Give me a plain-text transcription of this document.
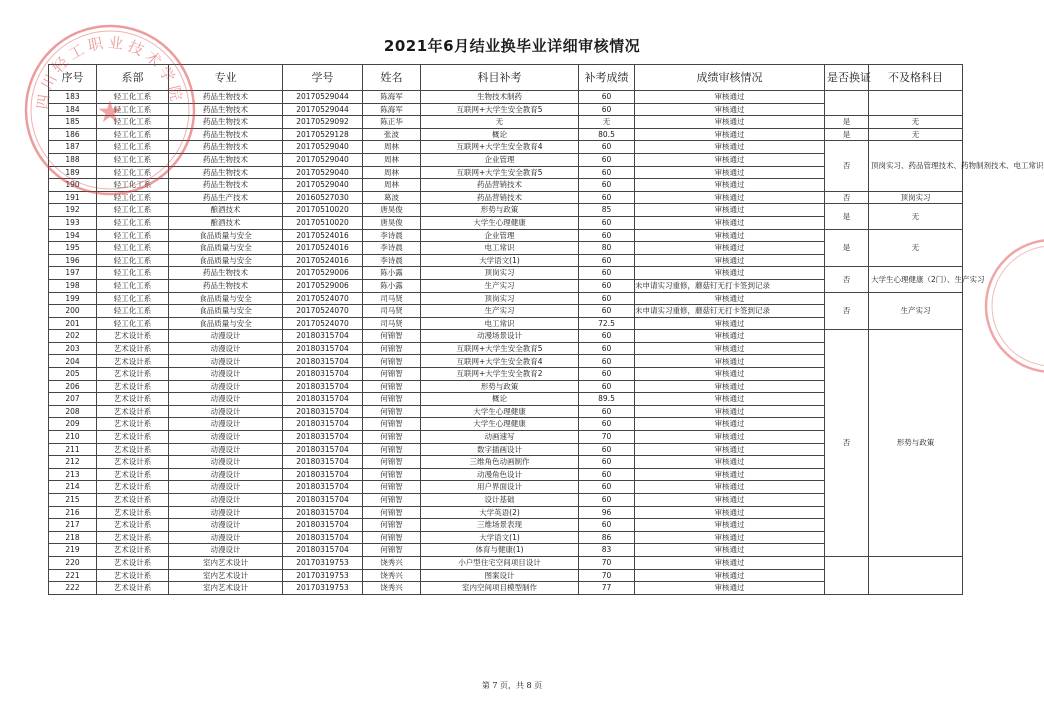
2021年6月结业换毕业详细审核情况
序号	系部	专业	学号	姓名	科目补考	补考成绩	成绩审核情况	是否换证	不及格科目
183	轻工化工系	药品生物技术	20170529044	陈海军	生物技术制药	60	审核通过		
184	轻工化工系	药品生物技术	20170529044	陈海军	互联网+大学生安全教育5	60	审核通过		
185	轻工化工系	药品生物技术	20170529092	陈正华	无	无	审核通过	是	无
186	轻工化工系	药品生物技术	20170529128	张波	概论	80.5	审核通过	是	无
187	轻工化工系	药品生物技术	20170529040	周林	互联网+大学生安全教育4	60	审核通过	否	顶岗实习、药品管理技术、药物制剂技术、电工常识
188	轻工化工系	药品生物技术	20170529040	周林	企业管理	60	审核通过		
189	轻工化工系	药品生物技术	20170529040	周林	互联网+大学生安全教育5	60	审核通过		
190	轻工化工系	药品生物技术	20170529040	周林	药品营销技术	60	审核通过		
191	轻工化工系	药品生产技术	20160527030	葛波	药品营销技术	60	审核通过	否	顶岗实习
192	轻工化工系	酿酒技术	20170510020	唐昊俊	形势与政策	85	审核通过	是	无
193	轻工化工系	酿酒技术	20170510020	唐昊俊	大学生心理健康	60	审核通过		
194	轻工化工系	食品质量与安全	20170524016	李诗晨	企业管理	60	审核通过	是	无
195	轻工化工系	食品质量与安全	20170524016	李诗晨	电工常识	80	审核通过		
196	轻工化工系	食品质量与安全	20170524016	李诗晨	大学语文(1)	60	审核通过		
197	轻工化工系	药品生物技术	20170529006	陈小露	顶岗实习	60	审核通过	否	大学生心理健康（2门）、生产实习
198	轻工化工系	药品生物技术	20170529006	陈小露	生产实习	60	未申请实习重修，蘑菇钉无打卡签到记录		
199	轻工化工系	食品质量与安全	20170524070	司马贤	顶岗实习	60	审核通过	否	生产实习
200	轻工化工系	食品质量与安全	20170524070	司马贤	生产实习	60	未申请实习重修，蘑菇钉无打卡签到记录		
201	轻工化工系	食品质量与安全	20170524070	司马贤	电工常识	72.5	审核通过		
202	艺术设计系	动漫设计	20180315704	何锦智	动漫场景设计	60	审核通过	否	形势与政策
203	艺术设计系	动漫设计	20180315704	何锦智	互联网+大学生安全教育5	60	审核通过		
204	艺术设计系	动漫设计	20180315704	何锦智	互联网+大学生安全教育4	60	审核通过		
205	艺术设计系	动漫设计	20180315704	何锦智	互联网+大学生安全教育2	60	审核通过		
206	艺术设计系	动漫设计	20180315704	何锦智	形势与政策	60	审核通过		
207	艺术设计系	动漫设计	20180315704	何锦智	概论	89.5	审核通过		
208	艺术设计系	动漫设计	20180315704	何锦智	大学生心理健康	60	审核通过		
209	艺术设计系	动漫设计	20180315704	何锦智	大学生心理健康	60	审核通过		
210	艺术设计系	动漫设计	20180315704	何锦智	动画速写	70	审核通过		
211	艺术设计系	动漫设计	20180315704	何锦智	数字插画设计	60	审核通过		
212	艺术设计系	动漫设计	20180315704	何锦智	三维角色动画制作	60	审核通过		
213	艺术设计系	动漫设计	20180315704	何锦智	动漫角色设计	60	审核通过		
214	艺术设计系	动漫设计	20180315704	何锦智	用户界面设计	60	审核通过		
215	艺术设计系	动漫设计	20180315704	何锦智	设计基础	60	审核通过		
216	艺术设计系	动漫设计	20180315704	何锦智	大学英语(2)	96	审核通过		
217	艺术设计系	动漫设计	20180315704	何锦智	三维场景表现	60	审核通过		
218	艺术设计系	动漫设计	20180315704	何锦智	大学语文(1)	86	审核通过		
219	艺术设计系	动漫设计	20180315704	何锦智	体育与健康(1)	83	审核通过		
220	艺术设计系	室内艺术设计	20170319753	饶秀兴	小户型住宅空间项目设计	70	审核通过		
221	艺术设计系	室内艺术设计	20170319753	饶秀兴	图案设计	70	审核通过		
222	艺术设计系	室内艺术设计	20170319753	饶秀兴	室内空间项目模型制作	77	审核通过		
第 7 页，共 8 页
四川轻工职业技术学院
★
